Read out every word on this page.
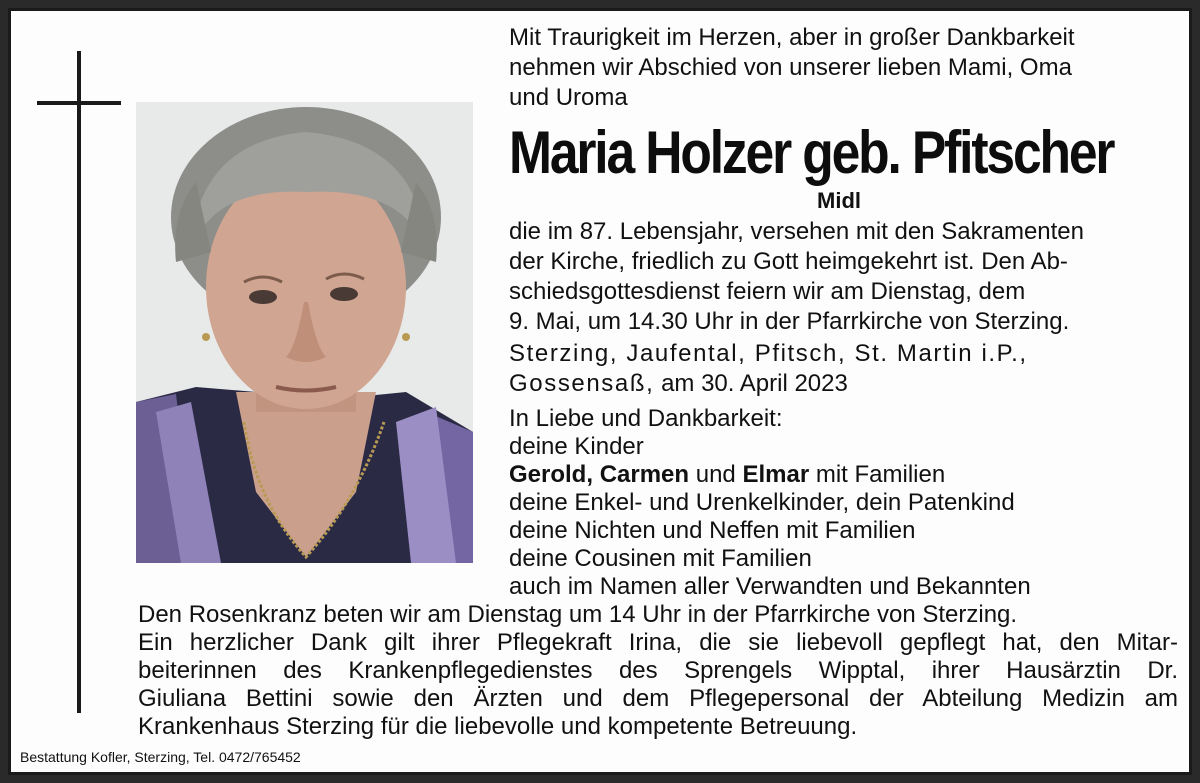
Mit Traurigkeit im Herzen, aber in großer Dankbarkeit
nehmen wir Abschied von unserer lieben Mami, Oma
und Uroma

Maria Holzer geb. Pfitscher
Midl

die im 87. Lebensjahr, versehen mit den Sakramenten
der Kirche, friedlich zu Gott heimgekehrt ist. Den Ab-
schiedsgottesdienst feiern wir am Dienstag, dem
9. Mai, um 14.30 Uhr in der Pfarrkirche von Sterzing.

Sterzing, Jaufental, Pfitsch, St. Martin i.P.,

Gossensaß, am 30. April 2023

In Liebe und Dankbarkeit:

deine Kinder

Gerold, Carmen und Elmar mit Familien

deine Enkel- und Urenkelkinder, dein Patenkind

deine Nichten und Neffen mit Familien

deine Cousinen mit Familien

auch im Namen aller Verwandten und Bekannten

Den Rosenkranz beten wir am Dienstag um 14 Uhr in der Pfarrkirche von Sterzing.

Ein herzlicher Dank gilt ihrer Pflegekraft Irina, die sie liebevoll gepflegt hat, den Mitar-

beiterinnen des Krankenpflegedienstes des Sprengels Wipptal, ihrer Hausärztin Dr.

Giuliana Bettini sowie den Ärzten und dem Pflegepersonal der Abteilung Medizin am

Krankenhaus Sterzing für die liebevolle und kompetente Betreuung.

Bestattung Kofler, Sterzing, Tel. 0472/765452
